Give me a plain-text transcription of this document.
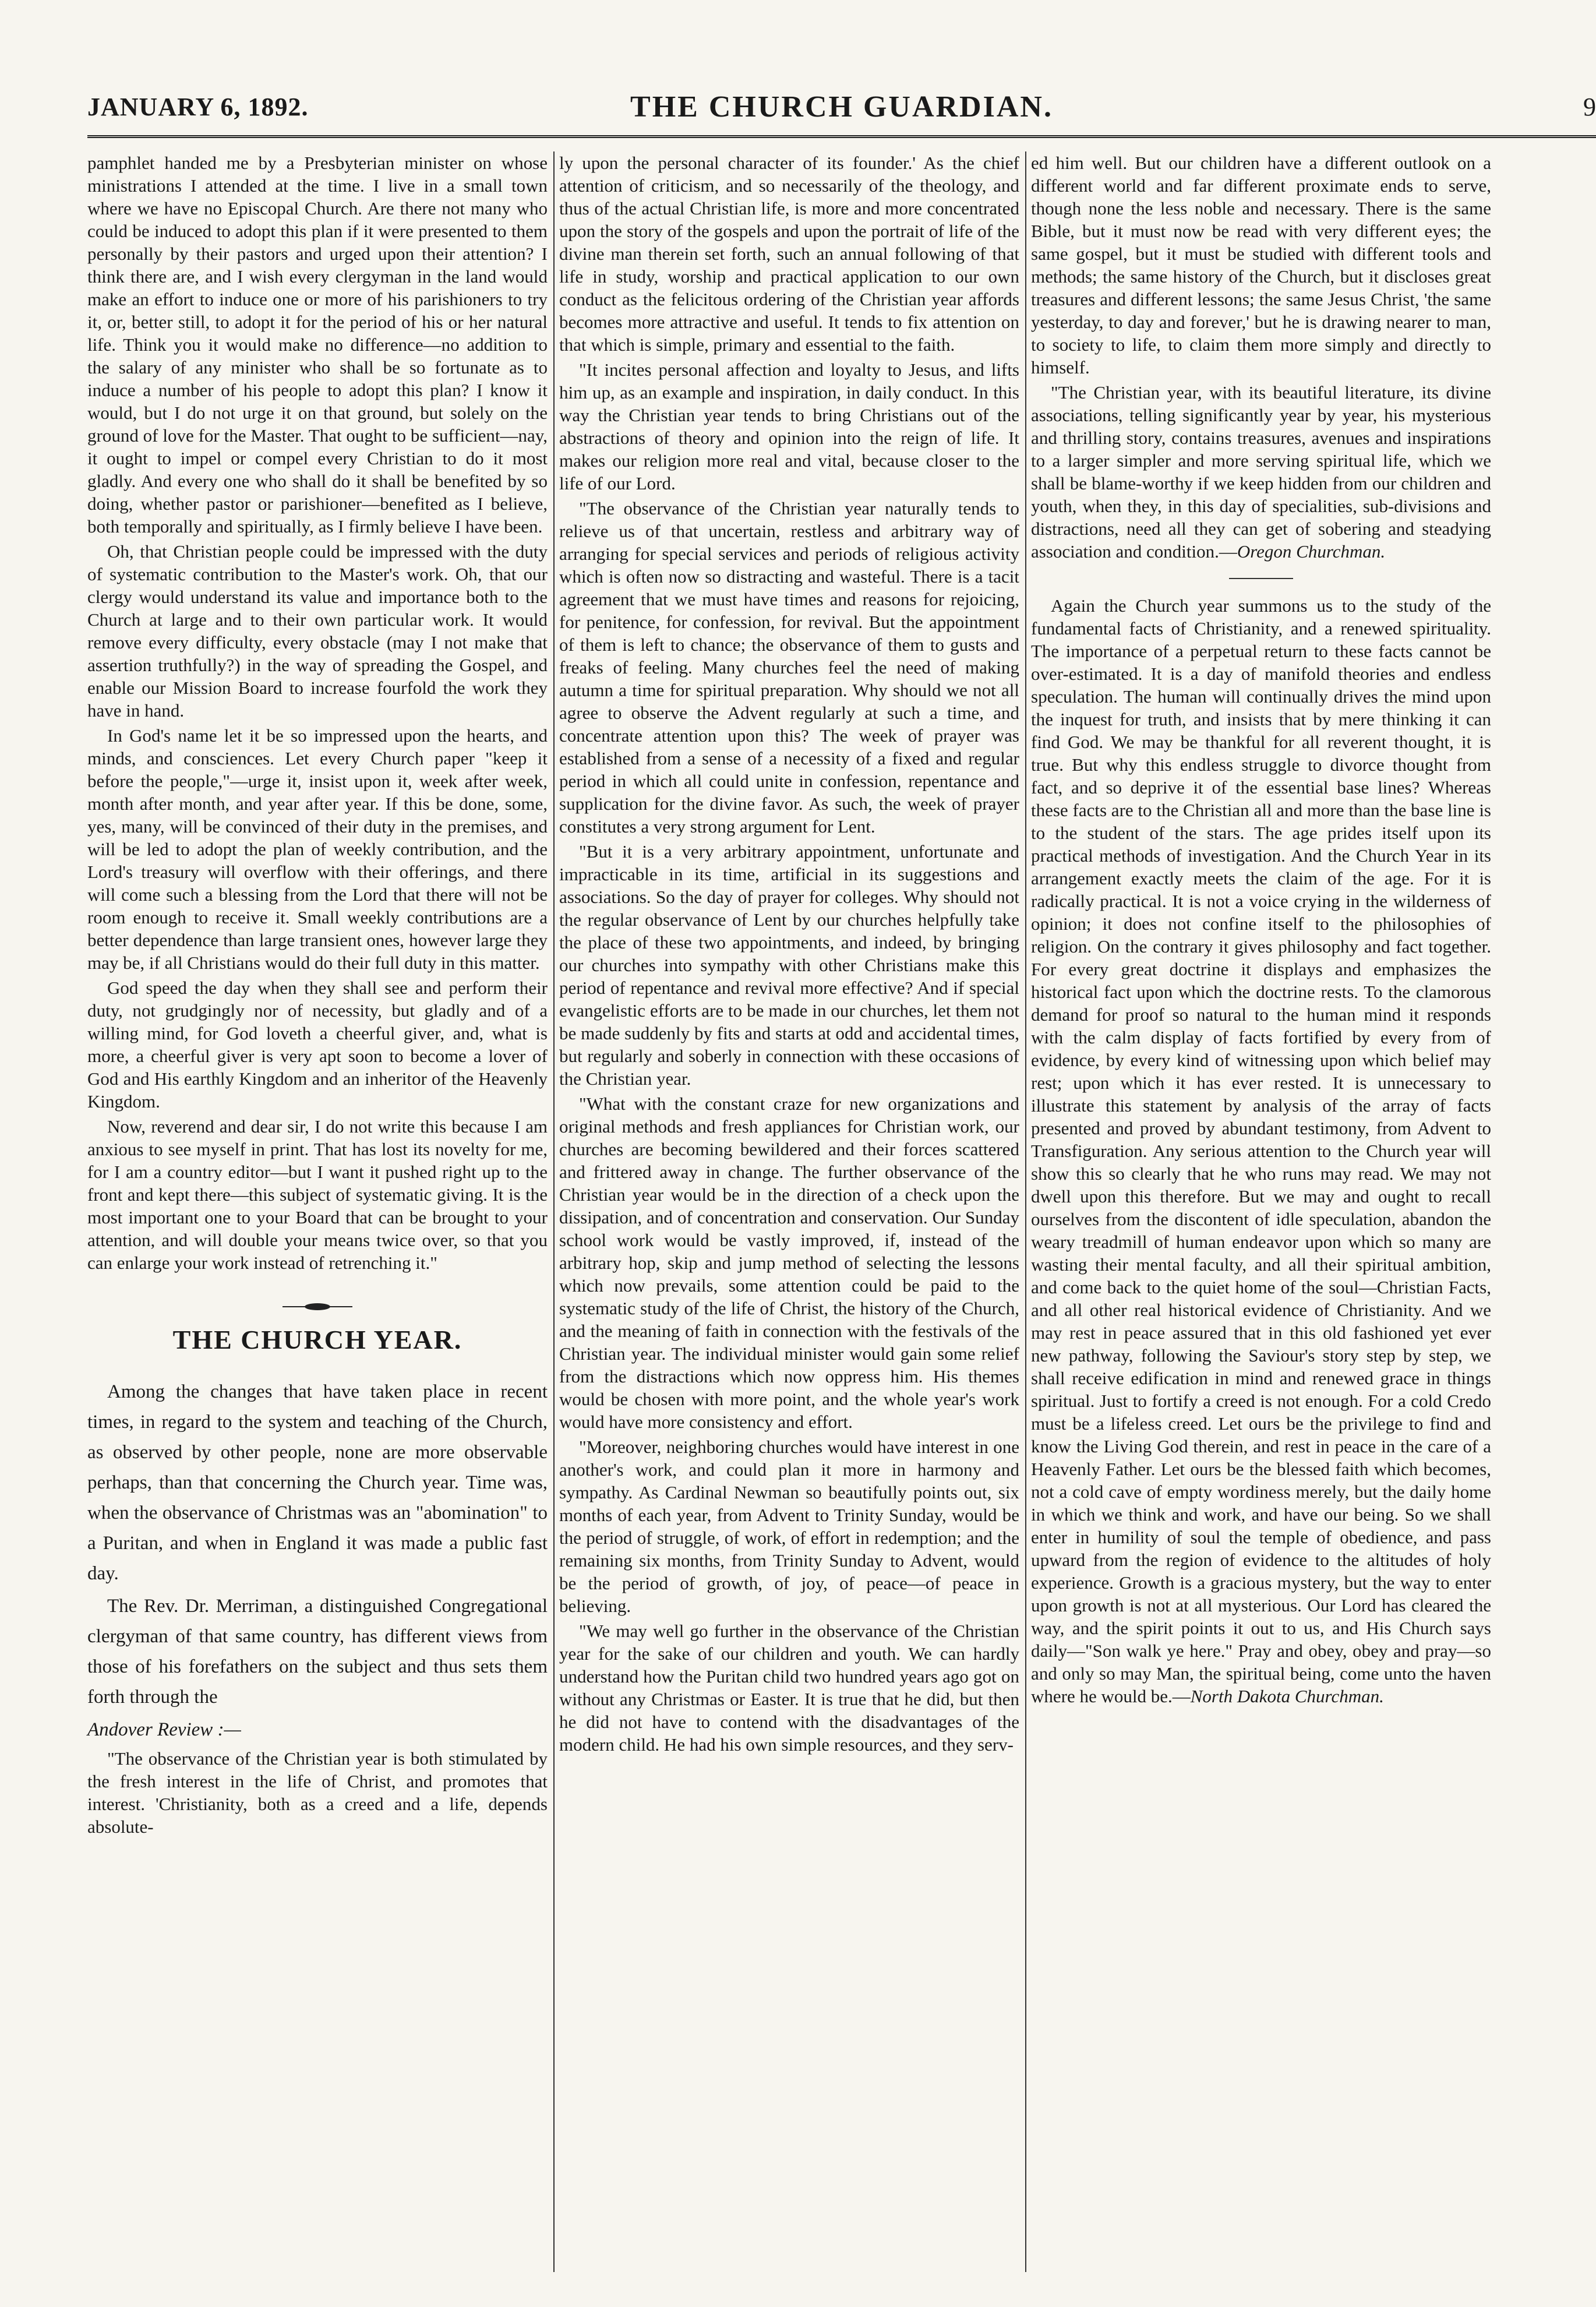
THE CHURCH GUARDIAN.
JANUARY 6, 1892.	9

pamphlet handed me by a Presbyterian minister on whose ministrations I attended at the time. I live in a small town where we have no Episcopal Church. Are there not many who could be induced to adopt this plan if it were presented to them personally by their pastors and urged upon their attention? I think there are, and I wish every clergyman in the land would make an effort to induce one or more of his parishioners to try it, or, better still, to adopt it for the period of his or her natural life. Think you it would make no difference—no addition to the salary of any minister who shall be so fortunate as to induce a number of his people to adopt this plan? I know it would, but I do not urge it on that ground, but solely on the ground of love for the Master. That ought to be sufficient—nay, it ought to impel or compel every Christian to do it most gladly. And every one who shall do it shall be benefited by so doing, whether pastor or parishioner—benefited as I believe, both temporally and spiritually, as I firmly believe I have been.

Oh, that Christian people could be impressed with the duty of systematic contribution to the Master's work. Oh, that our clergy would understand its value and importance both to the Church at large and to their own particular work. It would remove every difficulty, every obstacle (may I not make that assertion truthfully?) in the way of spreading the Gospel, and enable our Mission Board to increase fourfold the work they have in hand.

In God's name let it be so impressed upon the hearts, and minds, and consciences. Let every Church paper "keep it before the people,"—urge it, insist upon it, week after week, month after month, and year after year. If this be done, some, yes, many, will be convinced of their duty in the premises, and will be led to adopt the plan of weekly contribution, and the Lord's treasury will overflow with their offerings, and there will come such a blessing from the Lord that there will not be room enough to receive it. Small weekly contributions are a better dependence than large transient ones, however large they may be, if all Christians would do their full duty in this matter.

God speed the day when they shall see and perform their duty, not grudgingly nor of necessity, but gladly and of a willing mind, for God loveth a cheerful giver, and, what is more, a cheerful giver is very apt soon to become a lover of God and His earthly Kingdom and an inheritor of the Heavenly Kingdom.

Now, reverend and dear sir, I do not write this because I am anxious to see myself in print. That has lost its novelty for me, for I am a country editor—but I want it pushed right up to the front and kept there—this subject of systematic giving. It is the most important one to your Board that can be brought to your attention, and will double your means twice over, so that you can enlarge your work instead of retrenching it."

THE CHURCH YEAR.

Among the changes that have taken place in recent times, in regard to the system and teaching of the Church, as observed by other people, none are more observable perhaps, than that concerning the Church year. Time was, when the observance of Christmas was an "abomination" to a Puritan, and when in England it was made a public fast day.

The Rev. Dr. Merriman, a distinguished Congregational clergyman of that same country, has different views from those of his forefathers on the subject and thus sets them forth through the

Andover Review :—

"The observance of the Christian year is both stimulated by the fresh interest in the life of Christ, and promotes that interest. 'Christianity, both as a creed and a life, depends absolute-

ly upon the personal character of its founder.' As the chief attention of criticism, and so necessarily of the theology, and thus of the actual Christian life, is more and more concentrated upon the story of the gospels and upon the portrait of life of the divine man therein set forth, such an annual following of that life in study, worship and practical application to our own conduct as the felicitous ordering of the Christian year affords becomes more attractive and useful. It tends to fix attention on that which is simple, primary and essential to the faith.

"It incites personal affection and loyalty to Jesus, and lifts him up, as an example and inspiration, in daily conduct. In this way the Christian year tends to bring Christians out of the abstractions of theory and opinion into the reign of life. It makes our religion more real and vital, because closer to the life of our Lord.

"The observance of the Christian year naturally tends to relieve us of that uncertain, restless and arbitrary way of arranging for special services and periods of religious activity which is often now so distracting and wasteful. There is a tacit agreement that we must have times and reasons for rejoicing, for penitence, for confession, for revival. But the appointment of them is left to chance; the observance of them to gusts and freaks of feeling. Many churches feel the need of making autumn a time for spiritual preparation. Why should we not all agree to observe the Advent regularly at such a time, and concentrate attention upon this? The week of prayer was established from a sense of a necessity of a fixed and regular period in which all could unite in confession, repentance and supplication for the divine favor. As such, the week of prayer constitutes a very strong argument for Lent.

"But it is a very arbitrary appointment, unfortunate and impracticable in its time, artificial in its suggestions and associations. So the day of prayer for colleges. Why should not the regular observance of Lent by our churches helpfully take the place of these two appointments, and indeed, by bringing our churches into sympathy with other Christians make this period of repentance and revival more effective? And if special evangelistic efforts are to be made in our churches, let them not be made suddenly by fits and starts at odd and accidental times, but regularly and soberly in connection with these occasions of the Christian year.

"What with the constant craze for new organizations and original methods and fresh appliances for Christian work, our churches are becoming bewildered and their forces scattered and frittered away in change. The further observance of the Christian year would be in the direction of a check upon the dissipation, and of concentration and conservation. Our Sunday school work would be vastly improved, if, instead of the arbitrary hop, skip and jump method of selecting the lessons which now prevails, some attention could be paid to the systematic study of the life of Christ, the history of the Church, and the meaning of faith in connection with the festivals of the Christian year. The individual minister would gain some relief from the distractions which now oppress him. His themes would be chosen with more point, and the whole year's work would have more consistency and effort.

"Moreover, neighboring churches would have interest in one another's work, and could plan it more in harmony and sympathy. As Cardinal Newman so beautifully points out, six months of each year, from Advent to Trinity Sunday, would be the period of struggle, of work, of effort in redemption; and the remaining six months, from Trinity Sunday to Advent, would be the period of growth, of joy, of peace—of peace in believing.

"We may well go further in the observance of the Christian year for the sake of our children and youth. We can hardly understand how the Puritan child two hundred years ago got on without any Christmas or Easter. It is true that he did, but then he did not have to contend with the disadvantages of the modern child. He had his own simple resources, and they serv-

ed him well. But our children have a different outlook on a different world and far different proximate ends to serve, though none the less noble and necessary. There is the same Bible, but it must now be read with very different eyes; the same gospel, but it must be studied with different tools and methods; the same history of the Church, but it discloses great treasures and different lessons; the same Jesus Christ, 'the same yesterday, to day and forever,' but he is drawing nearer to man, to society to life, to claim them more simply and directly to himself.

"The Christian year, with its beautiful literature, its divine associations, telling significantly year by year, his mysterious and thrilling story, contains treasures, avenues and inspirations to a larger simpler and more serving spiritual life, which we shall be blame-worthy if we keep hidden from our children and youth, when they, in this day of specialities, sub-divisions and distractions, need all they can get of sobering and steadying association and condition.—Oregon Churchman.

Again the Church year summons us to the study of the fundamental facts of Christianity, and a renewed spirituality. The importance of a perpetual return to these facts cannot be over-estimated. It is a day of manifold theories and endless speculation. The human will continually drives the mind upon the inquest for truth, and insists that by mere thinking it can find God. We may be thankful for all reverent thought, it is true. But why this endless struggle to divorce thought from fact, and so deprive it of the essential base lines? Whereas these facts are to the Christian all and more than the base line is to the student of the stars. The age prides itself upon its practical methods of investigation. And the Church Year in its arrangement exactly meets the claim of the age. For it is radically practical. It is not a voice crying in the wilderness of opinion; it does not confine itself to the philosophies of religion. On the contrary it gives philosophy and fact together. For every great doctrine it displays and emphasizes the historical fact upon which the doctrine rests. To the clamorous demand for proof so natural to the human mind it responds with the calm display of facts fortified by every from of evidence, by every kind of witnessing upon which belief may rest; upon which it has ever rested. It is unnecessary to illustrate this statement by analysis of the array of facts presented and proved by abundant testimony, from Advent to Transfiguration. Any serious attention to the Church year will show this so clearly that he who runs may read. We may not dwell upon this therefore. But we may and ought to recall ourselves from the discontent of idle speculation, abandon the weary treadmill of human endeavor upon which so many are wasting their mental faculty, and all their spiritual ambition, and come back to the quiet home of the soul—Christian Facts, and all other real historical evidence of Christianity. And we may rest in peace assured that in this old fashioned yet ever new pathway, following the Saviour's story step by step, we shall receive edification in mind and renewed grace in things spiritual. Just to fortify a creed is not enough. For a cold Credo must be a lifeless creed. Let ours be the privilege to find and know the Living God therein, and rest in peace in the care of a Heavenly Father. Let ours be the blessed faith which becomes, not a cold cave of empty wordiness merely, but the daily home in which we think and work, and have our being. So we shall enter in humility of soul the temple of obedience, and pass upward from the region of evidence to the altitudes of holy experience. Growth is a gracious mystery, but the way to enter upon growth is not at all mysterious. Our Lord has cleared the way, and the spirit points it out to us, and His Church says daily—"Son walk ye here." Pray and obey, obey and pray—so and only so may Man, the spiritual being, come unto the haven where he would be.—North Dakota Churchman.
